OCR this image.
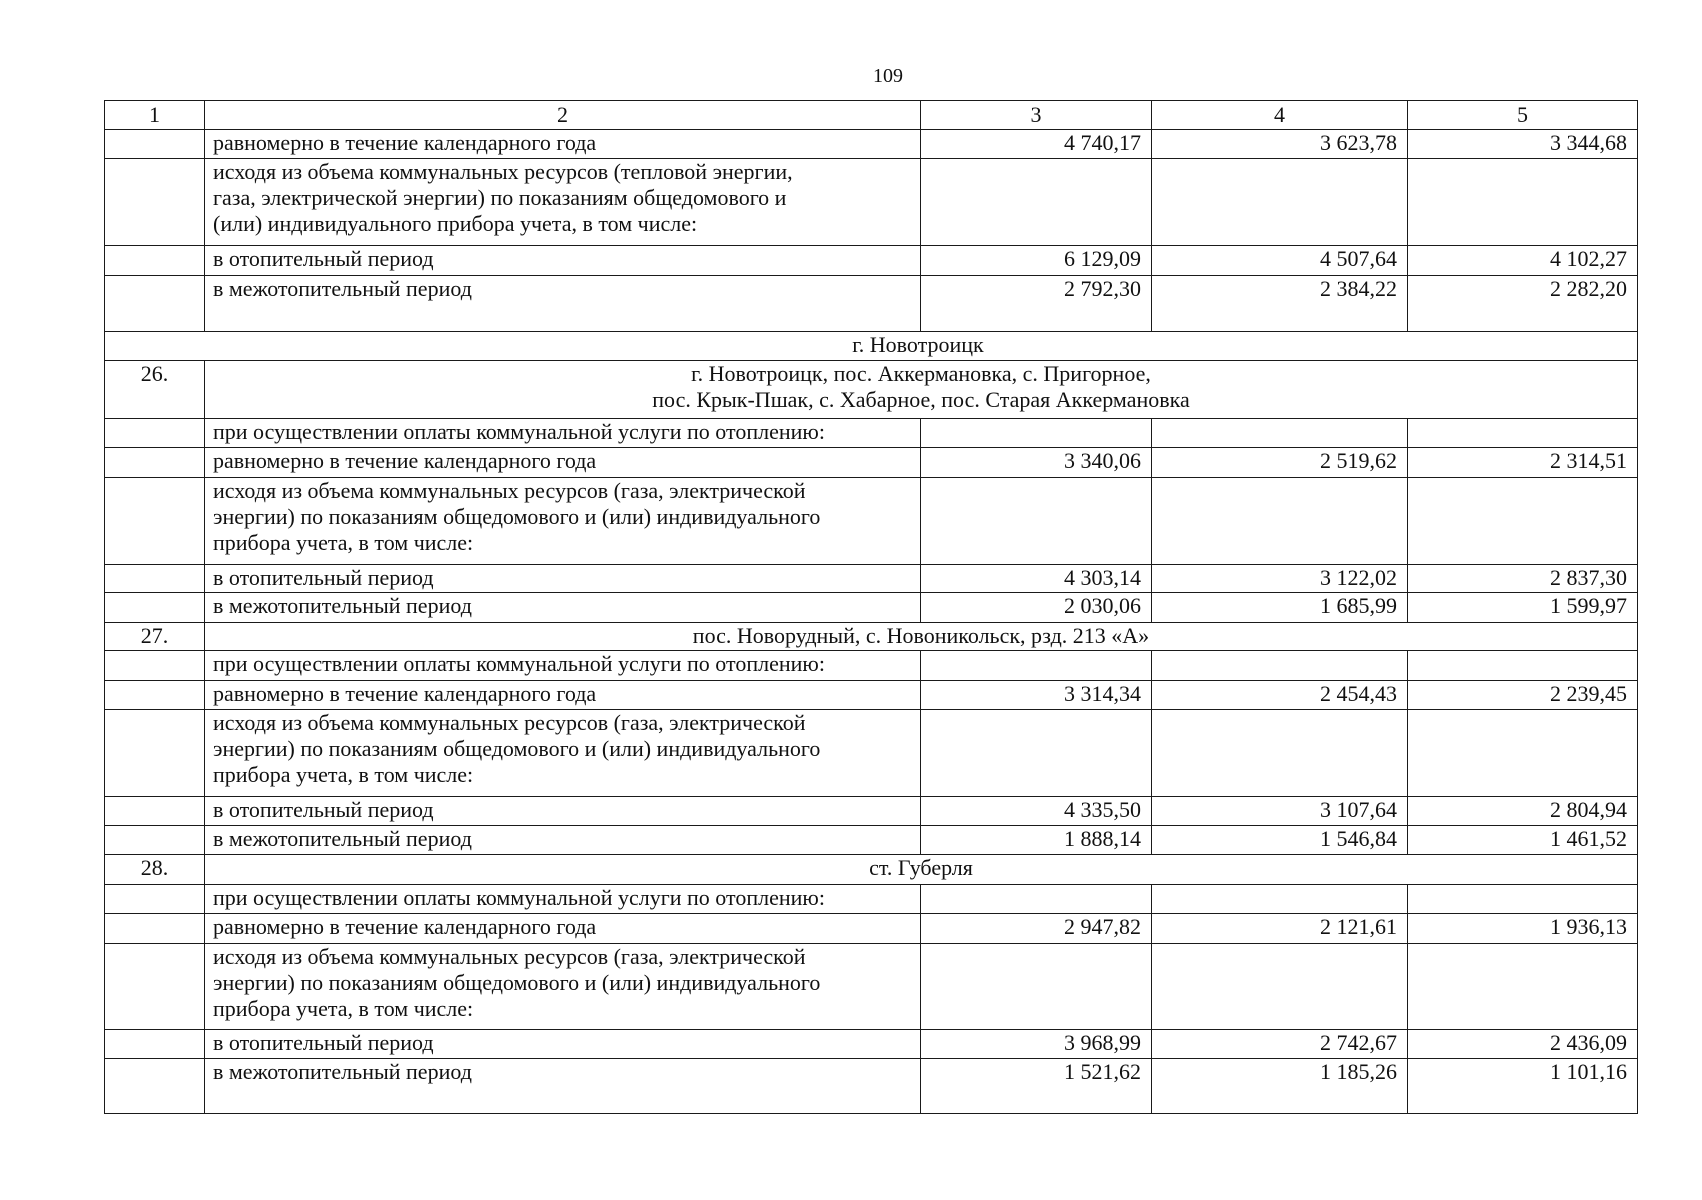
109
1	2	3	4	5
	равномерно в течение календарного года	4 740,17	3 623,78	3 344,68
	исходя из объема коммунальных ресурсов (тепловой энергии,
газа, электрической энергии) по показаниям общедомового и
(или) индивидуального прибора учета, в том числе:			
	в отопительный период	6 129,09	4 507,64	4 102,27
	в межотопительный период	2 792,30	2 384,22	2 282,20
г. Новотроицк				
26.	г. Новотроицк, пос. Аккермановка, с. Пригорное,
пос. Крык-Пшак, с. Хабарное, пос. Старая Аккермановка			
	при осуществлении оплаты коммунальной услуги по отоплению:			
	равномерно в течение календарного года	3 340,06	2 519,62	2 314,51
	исходя из объема коммунальных ресурсов (газа, электрической
энергии) по показаниям общедомового и (или) индивидуального
прибора учета, в том числе:			
	в отопительный период	4 303,14	3 122,02	2 837,30
	в межотопительный период	2 030,06	1 685,99	1 599,97
27.	пос. Новорудный, с. Новоникольск, рзд. 213 «А»			
	при осуществлении оплаты коммунальной услуги по отоплению:			
	равномерно в течение календарного года	3 314,34	2 454,43	2 239,45
	исходя из объема коммунальных ресурсов (газа, электрической
энергии) по показаниям общедомового и (или) индивидуального
прибора учета, в том числе:			
	в отопительный период	4 335,50	3 107,64	2 804,94
	в межотопительный период	1 888,14	1 546,84	1 461,52
28.	ст. Губерля			
	при осуществлении оплаты коммунальной услуги по отоплению:			
	равномерно в течение календарного года	2 947,82	2 121,61	1 936,13
	исходя из объема коммунальных ресурсов (газа, электрической
энергии) по показаниям общедомового и (или) индивидуального
прибора учета, в том числе:			
	в отопительный период	3 968,99	2 742,67	2 436,09
	в межотопительный период	1 521,62	1 185,26	1 101,16
